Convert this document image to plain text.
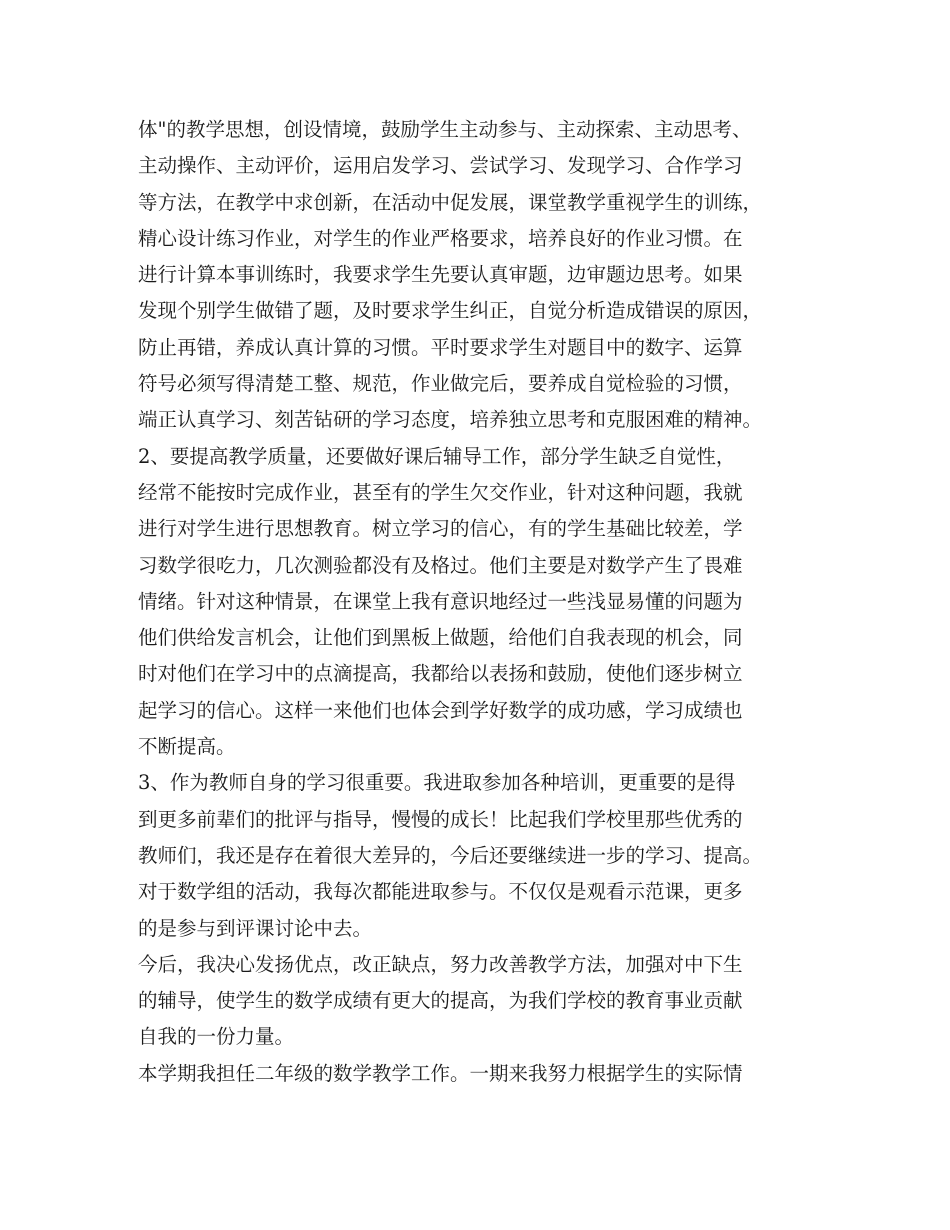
体"的教学思想，创设情境，鼓励学生主动参与、主动探索、主动思考、
主动操作、主动评价，运用启发学习、尝试学习、发现学习、合作学习
等方法，在教学中求创新，在活动中促发展，课堂教学重视学生的训练，
精心设计练习作业，对学生的作业严格要求，培养良好的作业习惯。在
进行计算本事训练时，我要求学生先要认真审题，边审题边思考。如果
发现个别学生做错了题，及时要求学生纠正，自觉分析造成错误的原因，
防止再错，养成认真计算的习惯。平时要求学生对题目中的数字、运算
符号必须写得清楚工整、规范，作业做完后，要养成自觉检验的习惯，
端正认真学习、刻苦钻研的学习态度，培养独立思考和克服困难的精神。
2、要提高教学质量，还要做好课后辅导工作，部分学生缺乏自觉性，
经常不能按时完成作业，甚至有的学生欠交作业，针对这种问题，我就
进行对学生进行思想教育。树立学习的信心，有的学生基础比较差，学
习数学很吃力，几次测验都没有及格过。他们主要是对数学产生了畏难
情绪。针对这种情景，在课堂上我有意识地经过一些浅显易懂的问题为
他们供给发言机会，让他们到黑板上做题，给他们自我表现的机会，同
时对他们在学习中的点滴提高，我都给以表扬和鼓励，使他们逐步树立
起学习的信心。这样一来他们也体会到学好数学的成功感，学习成绩也
不断提高。
3、作为教师自身的学习很重要。我进取参加各种培训，更重要的是得
到更多前辈们的批评与指导，慢慢的成长！比起我们学校里那些优秀的
教师们，我还是存在着很大差异的，今后还要继续进一步的学习、提高。
对于数学组的活动，我每次都能进取参与。不仅仅是观看示范课，更多
的是参与到评课讨论中去。
今后，我决心发扬优点，改正缺点，努力改善教学方法，加强对中下生
的辅导，使学生的数学成绩有更大的提高，为我们学校的教育事业贡献
自我的一份力量。
本学期我担任二年级的数学教学工作。一期来我努力根据学生的实际情
